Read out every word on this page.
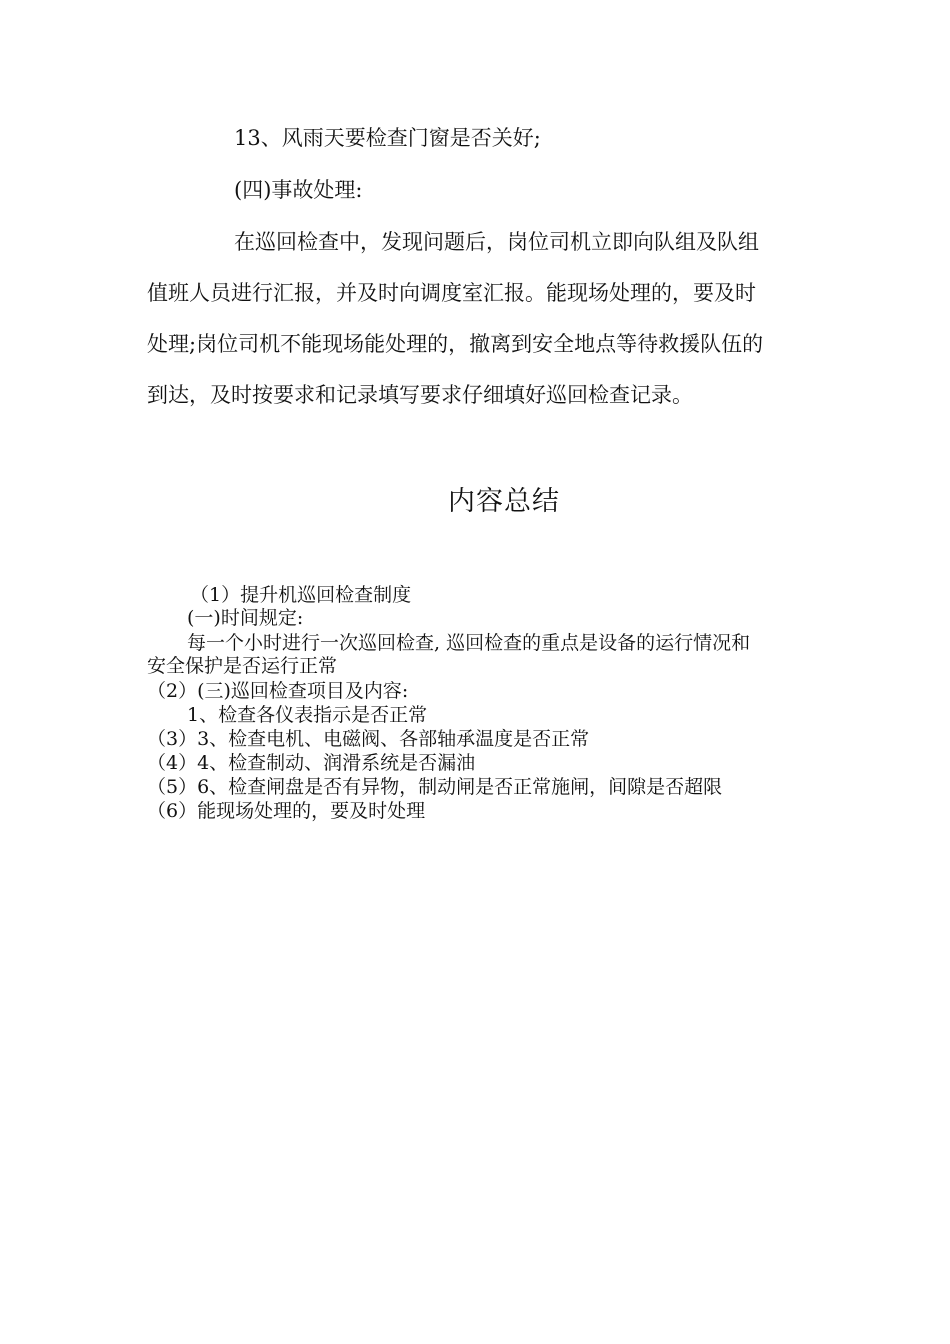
13、风雨天要检查门窗是否关好;
(四)事故处理:
在巡回检查中，发现问题后，岗位司机立即向队组及队组
值班人员进行汇报，并及时向调度室汇报。能现场处理的，要及时
处理;岗位司机不能现场能处理的，撤离到安全地点等待救援队伍的
到达，及时按要求和记录填写要求仔细填好巡回检查记录。
内容总结
（1）提升机巡回检查制度
(一)时间规定:
每一个小时进行一次巡回检查, 巡回检查的重点是设备的运行情况和
安全保护是否运行正常
（2）(三)巡回检查项目及内容:
1、检查各仪表指示是否正常
（3）3、检查电机、电磁阀、各部轴承温度是否正常
（4）4、检查制动、润滑系统是否漏油
（5）6、检查闸盘是否有异物，制动闸是否正常施闸，间隙是否超限
（6）能现场处理的，要及时处理
